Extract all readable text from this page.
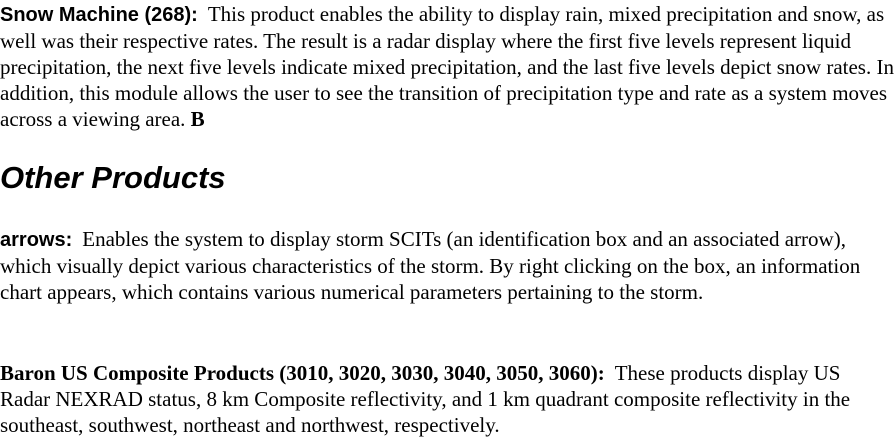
Snow Machine (268): This product enables the ability to display rain, mixed precipitation and snow, as well was their respective rates. The result is a radar display where the first five levels represent liquid precipitation, the next five levels indicate mixed precipitation, and the last five levels depict snow rates. In addition, this module allows the user to see the transition of precipitation type and rate as a system moves across a viewing area. B

Other Products

arrows: Enables the system to display storm SCITs (an identification box and an associated arrow), which visually depict various characteristics of the storm. By right clicking on the box, an information chart appears, which contains various numerical parameters pertaining to the storm.

Baron US Composite Products (3010, 3020, 3030, 3040, 3050, 3060): These products display US Radar NEXRAD status, 8 km Composite reflectivity, and 1 km quadrant composite reflectivity in the southeast, southwest, northeast and northwest, respectively.
